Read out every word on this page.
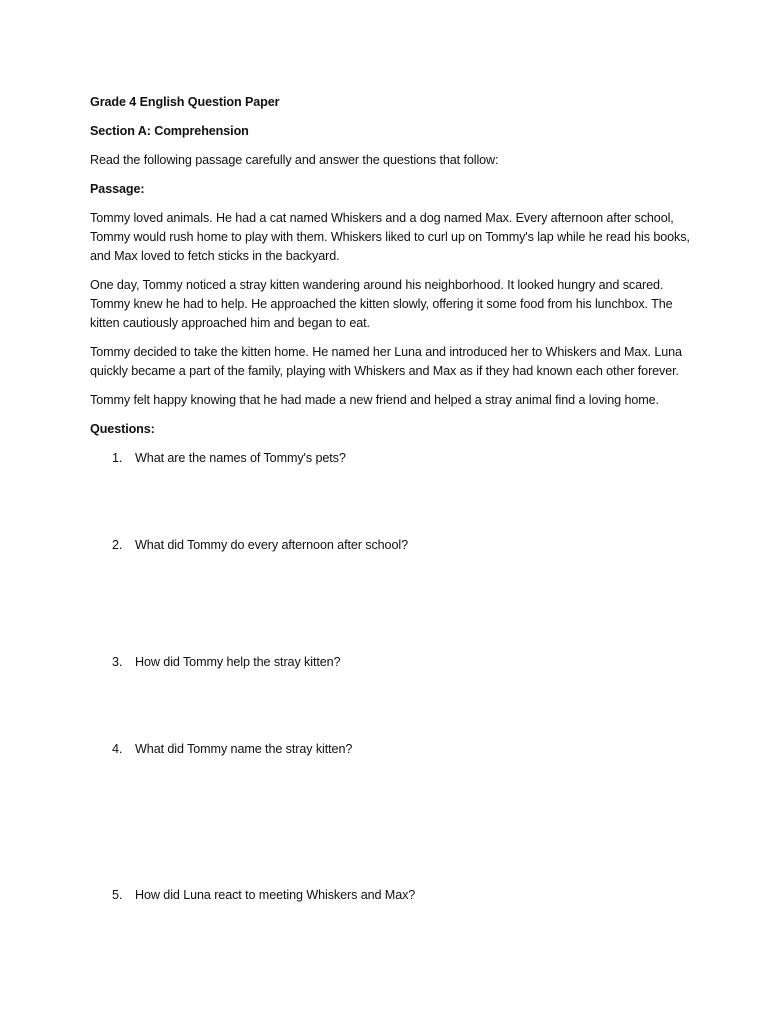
Grade 4 English Question Paper

Section A: Comprehension

Read the following passage carefully and answer the questions that follow:

Passage:

Tommy loved animals. He had a cat named Whiskers and a dog named Max. Every afternoon after school, Tommy would rush home to play with them. Whiskers liked to curl up on Tommy's lap while he read his books, and Max loved to fetch sticks in the backyard.

One day, Tommy noticed a stray kitten wandering around his neighborhood. It looked hungry and scared. Tommy knew he had to help. He approached the kitten slowly, offering it some food from his lunchbox. The kitten cautiously approached him and began to eat.

Tommy decided to take the kitten home. He named her Luna and introduced her to Whiskers and Max. Luna quickly became a part of the family, playing with Whiskers and Max as if they had known each other forever.

Tommy felt happy knowing that he had made a new friend and helped a stray animal find a loving home.

Questions:

1. What are the names of Tommy's pets?
2. What did Tommy do every afternoon after school?
3. How did Tommy help the stray kitten?
4. What did Tommy name the stray kitten?
5. How did Luna react to meeting Whiskers and Max?
